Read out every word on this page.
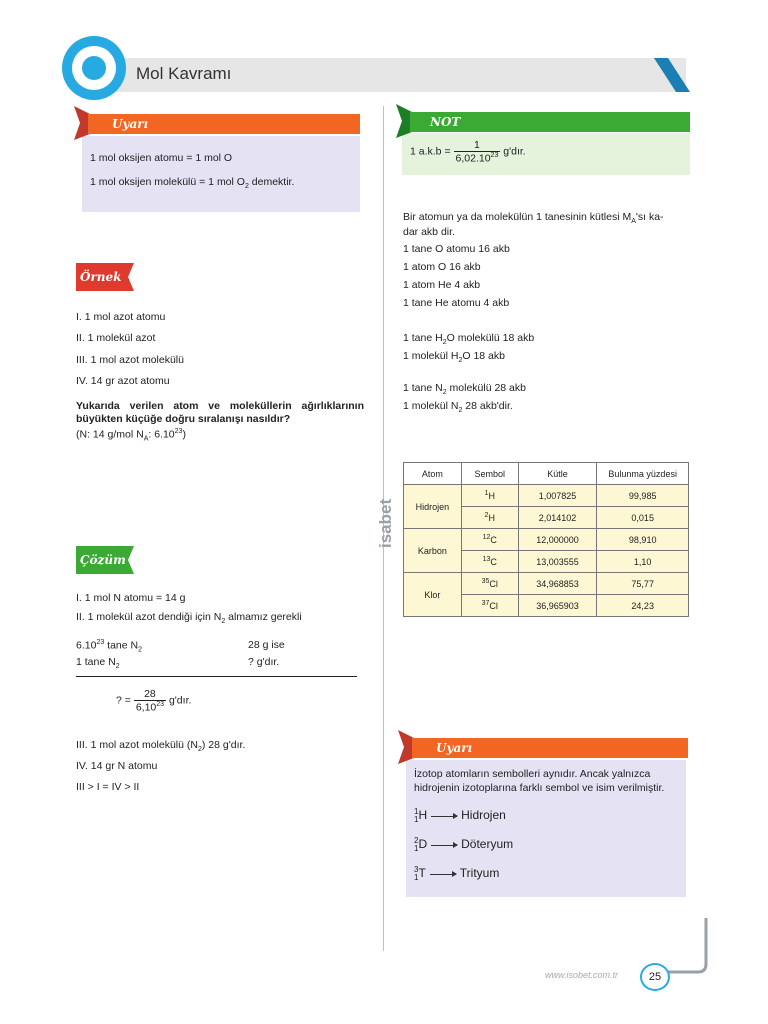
Mol Kavramı
isabet
Uyarı
1 mol oksijen atomu = 1 mol O
1 mol oksijen molekülü = 1 mol $O_2$ demektir.
Örnek
I. 1 mol azot atomu
II. 1 molekül azot
III. 1 mol azot molekülü
IV. 14 gr azot atomu
Yukarıda verilen atom ve moleküllerin ağırlıklarının büyükten küçüğe doğru sıralanışı nasıldır?
(N: 14 g/mol $N_A$: 6.10$^{23}$)
Çözüm
I. 1 mol N atomu = 14 g
II. 1 molekül azot dendiği için $N_2$ almamız gerekli
6.10$^{23}$ tane $N_2$	28 g ise
1 tane $N_2$	? g'dır.
? = $\frac{28}{6,10^{23}}$ g'dır.
III. 1 mol azot molekülü $(N_2)$ 28 g'dır.
IV. 14 gr N atomu
III > I = IV > II
NOT
1 $a.k.b = \frac{1}{6,02.10^{23}}$ g'dır.
Bir atomun ya da molekülün 1 tanesinin kütlesi $M_A'sı$ ka-
dar akb dir.
1 tane O atomu 16 akb
1 atom O 16 akb
1 atom He 4 akb
1 tane He atomu 4 akb
1 tane $H_2O$ molekülü 18 akb
1 molekül $H_2O$ 18 akb
1 tane $N_2$ molekülü 28 akb
1 molekül $N_2$ 28 akb'dir.
Atom	Sembol	Kütle	Bulunma yüzdesi
Hidrojen	$^1$H	1,007825	99,985
	$^2$H	2,014102	0,015
Karbon	$^{12}$C	12,000000	98,910
	$^{13}$C	13,003555	1,10
Klor	$^{35}$Cl	34,968853	75,77
	$^{37}$Cl	36,965903	24,23
Uyarı
İzotop atomların sembolleri aynıdır. Ancak yalnızca
hidrojenin izotoplarına farklı sembol ve isim verilmiştir.
1
1H	Hidrojen
2
1D	Döteryum
3
1T	Trityum
www.isobet.com.tr	25
